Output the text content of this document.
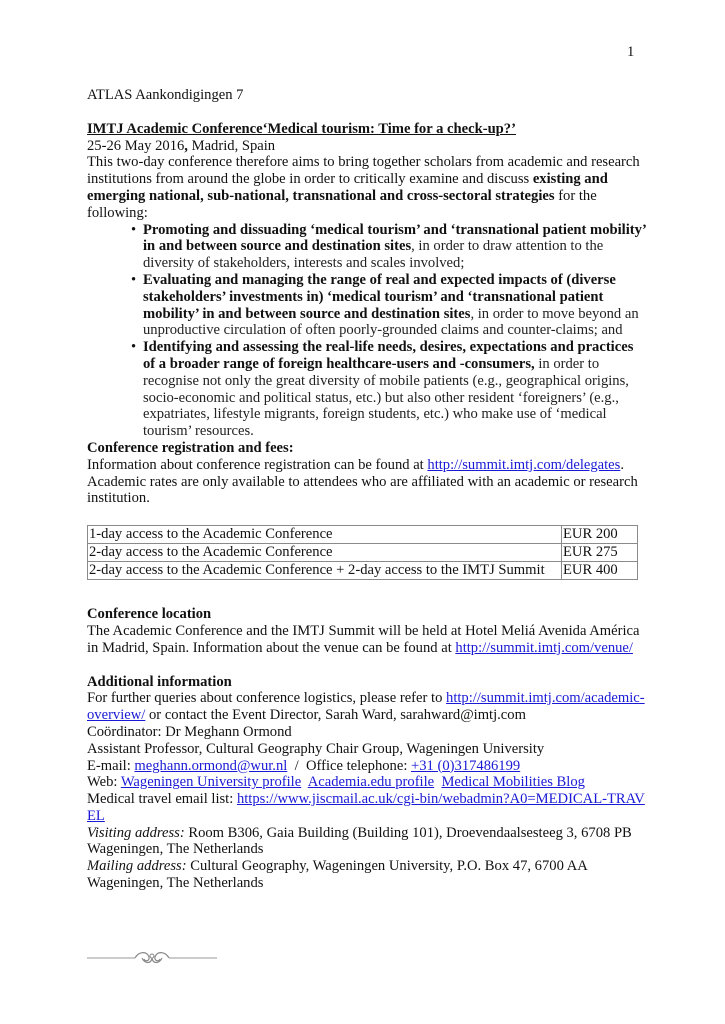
1

ATLAS Aankondigingen 7

IMTJ Academic Conference‘Medical tourism: Time for a check-up?’

25-26 May 2016, Madrid, Spain

This two-day conference therefore aims to bring together scholars from academic and research institutions from around the globe in order to critically examine and discuss existing and emerging national, sub-national, transnational and cross-sectoral strategies for the following:

• Promoting and dissuading ‘medical tourism’ and ‘transnational patient mobility’ in and between source and destination sites, in order to draw attention to the diversity of stakeholders, interests and scales involved;
• Evaluating and managing the range of real and expected impacts of (diverse stakeholders’ investments in) ‘medical tourism’ and ‘transnational patient mobility’ in and between source and destination sites, in order to move beyond an unproductive circulation of often poorly-grounded claims and counter-claims; and
• Identifying and assessing the real-life needs, desires, expectations and practices of a broader range of foreign healthcare-users and -consumers, in order to recognise not only the great diversity of mobile patients (e.g., geographical origins, socio-economic and political status, etc.) but also other resident ‘foreigners’ (e.g., expatriates, lifestyle migrants, foreign students, etc.) who make use of ‘medical tourism’ resources.

Conference registration and fees:

Information about conference registration can be found at http://summit.imtj.com/delegates. Academic rates are only available to attendees who are affiliated with an academic or research institution.

1-day access to the Academic Conference	EUR 200
2-day access to the Academic Conference	EUR 275
2-day access to the Academic Conference + 2-day access to the IMTJ Summit	EUR 400

Conference location

The Academic Conference and the IMTJ Summit will be held at Hotel Meliá Avenida América in Madrid, Spain. Information about the venue can be found at http://summit.imtj.com/venue/

Additional information

For further queries about conference logistics, please refer to http://summit.imtj.com/academic-overview/ or contact the Event Director, Sarah Ward, sarahward@imtj.com

Coördinator: Dr Meghann Ormond

Assistant Professor, Cultural Geography Chair Group, Wageningen University

E-mail: meghann.ormond@wur.nl  /  Office telephone: +31 (0)317486199

Web: Wageningen University profile Academia.edu profile Medical Mobilities Blog

Medical travel email list: https://www.jiscmail.ac.uk/cgi-bin/webadmin?A0=MEDICAL-TRAVEL

Visiting address: Room B306, Gaia Building (Building 101), Droevendaalsesteeg 3, 6708 PB Wageningen, The Netherlands

Mailing address: Cultural Geography, Wageningen University, P.O. Box 47, 6700 AA  Wageningen, The Netherlands
